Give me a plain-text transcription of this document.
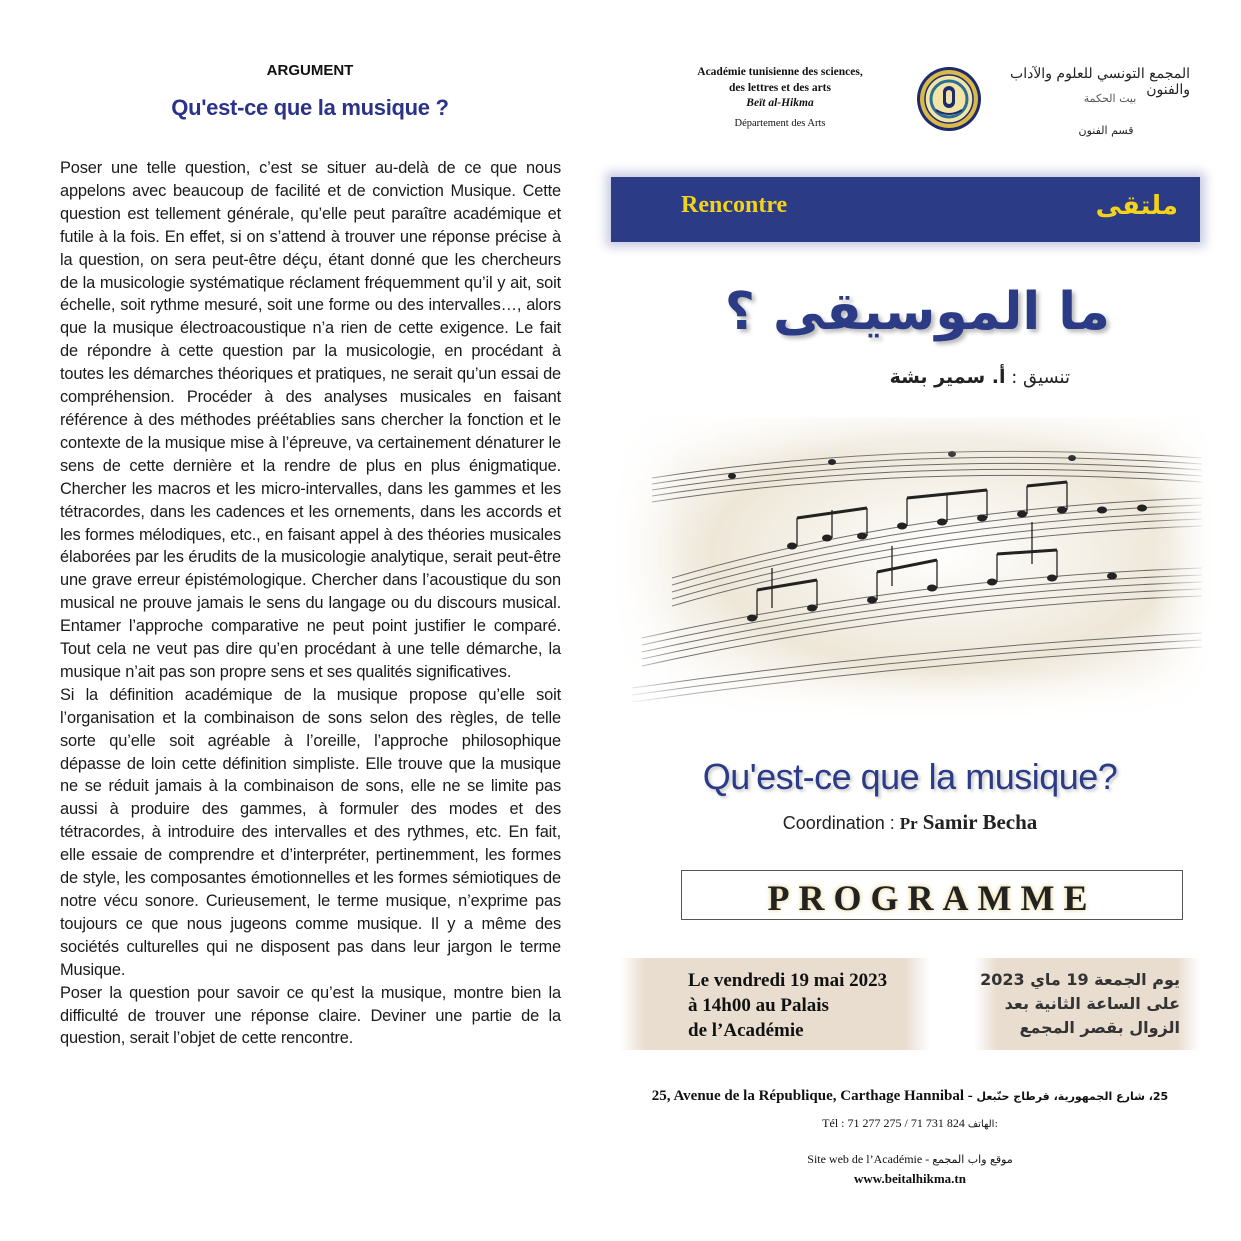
ARGUMENT
Qu'est-ce que la musique ?

Poser une telle question, c’est se situer au-delà de ce que nous appelons avec beaucoup de facilité et de conviction Musique. Cette question est tellement générale, qu’elle peut paraître académique et futile à la fois. En effet, si on s’attend à trouver une réponse précise à la question, on sera peut-être déçu, étant donné que les chercheurs de la musicologie systématique réclament fréquemment qu’il y ait, soit échelle, soit rythme mesuré, soit une forme ou des intervalles…, alors que la musique électroacoustique n’a rien de cette exigence. Le fait de répondre à cette question par la musicologie, en procédant à toutes les démarches théoriques et pratiques, ne serait qu’un essai de compréhension. Procéder à des analyses musicales en faisant référence à des méthodes préétablies sans chercher la fonction et le contexte de la musique mise à l’épreuve, va certainement dénaturer le sens de cette dernière et la rendre de plus en plus énigmatique. Chercher les macros et les micro-intervalles, dans les gammes et les tétracordes, dans les cadences et les ornements, dans les accords et les formes mélodiques, etc., en faisant appel à des théories musicales élaborées par les érudits de la musicologie analytique, serait peut-être une grave erreur épistémologique. Chercher dans l’acoustique du son musical ne prouve jamais le sens du langage ou du discours musical. Entamer l’approche comparative ne peut point justifier le comparé. Tout cela ne veut pas dire qu’en procédant à une telle démarche, la musique n’ait pas son propre sens et ses qualités significatives.

Si la définition académique de la musique propose qu’elle soit l’organisation et la combinaison de sons selon des règles, de telle sorte qu’elle soit agréable à l’oreille, l’approche philosophique dépasse de loin cette définition simpliste. Elle trouve que la musique ne se réduit jamais à la combinaison de sons, elle ne se limite pas aussi à produire des gammes, à formuler des modes et des tétracordes, à introduire des intervalles et des rythmes, etc. En fait, elle essaie de comprendre et d’interpréter, pertinemment, les formes de style, les composantes émotionnelles et les formes sémiotiques de notre vécu sonore. Curieusement, le terme musique, n’exprime pas toujours ce que nous jugeons comme musique. Il y a même des sociétés culturelles qui ne disposent pas dans leur jargon le terme Musique.

Poser la question pour savoir ce qu’est la musique, montre bien la difficulté de trouver une réponse claire. Deviner une partie de la question, serait l’objet de cette rencontre.

Académie tunisienne des sciences,
des lettres et des arts
Beït al-Hikma
Département des Arts
المجمع التونسي للعلوم والآداب والفنون
بيت الحكمة
قسم الفنون
Rencontre	ملتقى
ما الموسيقى ؟
تنسيق : أ. سمير بشة
Qu'est-ce que la musique?
Coordination : Pr Samir Becha
PROGRAMME
Le vendredi 19 mai 2023
à 14h00 au Palais
de l’Académie
يوم الجمعة 19 ماي 2023
على الساعة الثانية بعد
الزوال بقصر المجمع
25, Avenue de la République, Carthage Hannibal - 25، شارع الجمهورية، قرطاج حنّبعل
Tél : 71 277 275 / 71 731 824 الهاتف:
Site web de l’Académie - موقع واب المجمع
www.beitalhikma.tn
